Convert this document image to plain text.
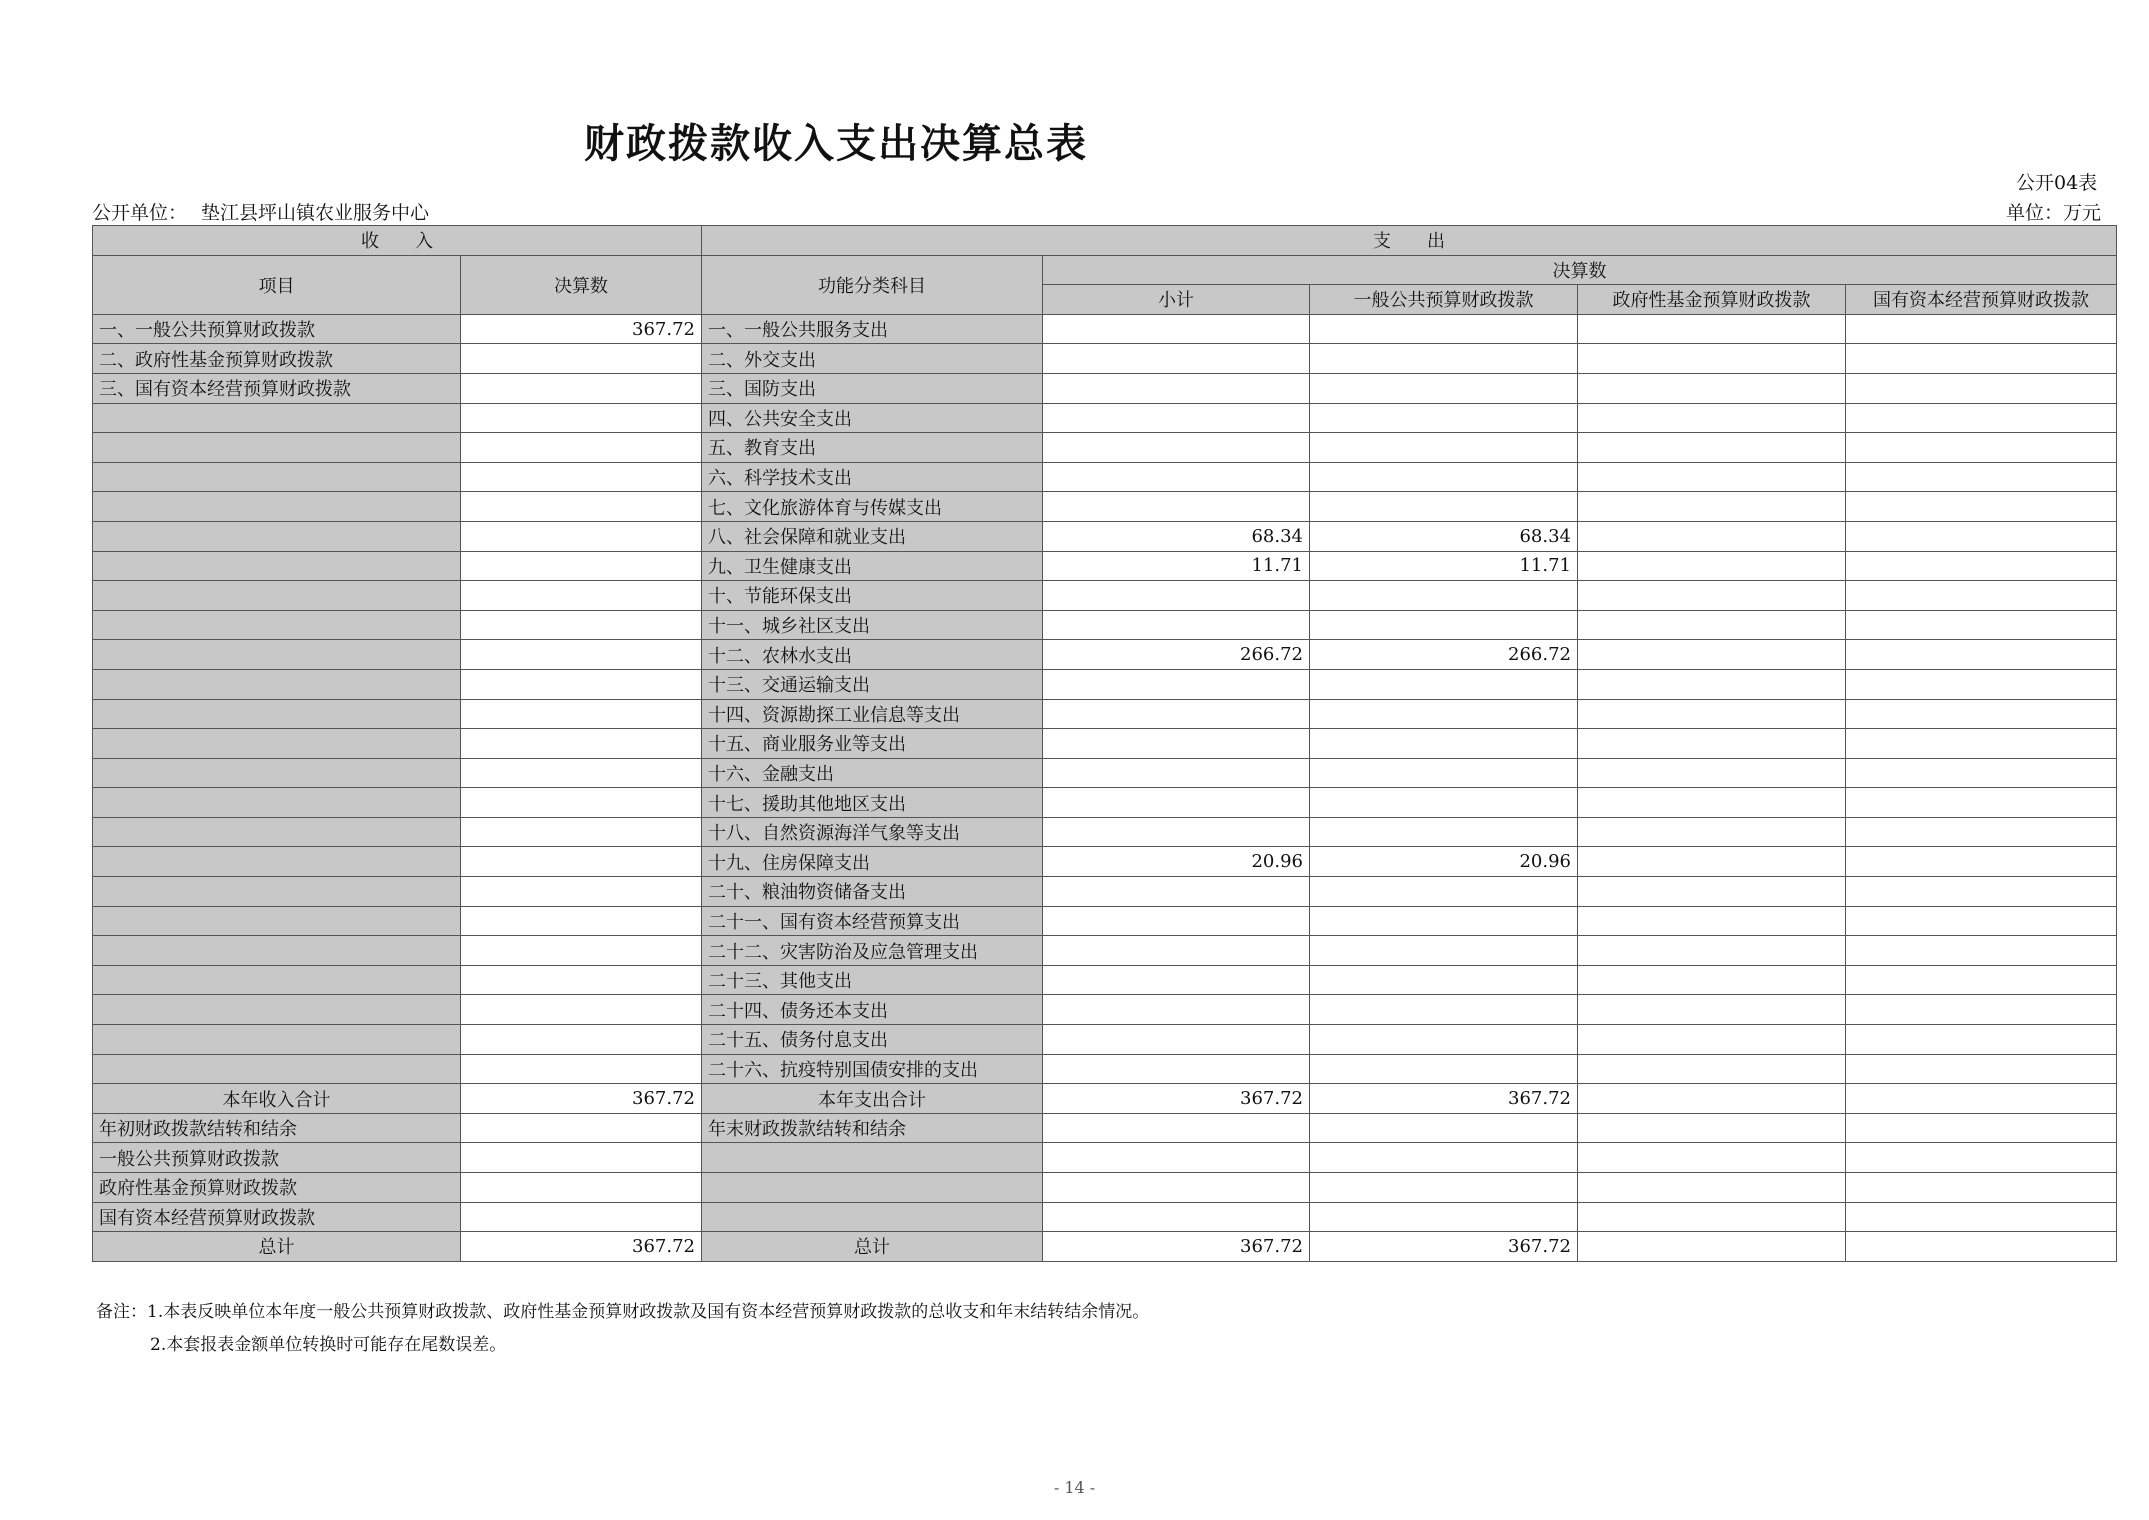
财政拨款收入支出决算总表
公开04表
公开单位： 垫江县坪山镇农业服务中心	单位：万元
收　　入		支　　出				
项目	决算数	功能分类科目	决算数			
			小计	一般公共预算财政拨款	政府性基金预算财政拨款	国有资本经营预算财政拨款
一、一般公共预算财政拨款	367.72	一、一般公共服务支出				
二、政府性基金预算财政拨款		二、外交支出				
三、国有资本经营预算财政拨款		三、国防支出				
		四、公共安全支出				
		五、教育支出				
		六、科学技术支出				
		七、文化旅游体育与传媒支出				
		八、社会保障和就业支出	68.34	68.34		
		九、卫生健康支出	11.71	11.71		
		十、节能环保支出				
		十一、城乡社区支出				
		十二、农林水支出	266.72	266.72		
		十三、交通运输支出				
		十四、资源勘探工业信息等支出				
		十五、商业服务业等支出				
		十六、金融支出				
		十七、援助其他地区支出				
		十八、自然资源海洋气象等支出				
		十九、住房保障支出	20.96	20.96		
		二十、粮油物资储备支出				
		二十一、国有资本经营预算支出				
		二十二、灾害防治及应急管理支出				
		二十三、其他支出				
		二十四、债务还本支出				
		二十五、债务付息支出				
		二十六、抗疫特别国债安排的支出				
本年收入合计	367.72	本年支出合计	367.72	367.72		
年初财政拨款结转和结余		年末财政拨款结转和结余				
一般公共预算财政拨款						
政府性基金预算财政拨款						
国有资本经营预算财政拨款						
总计	367.72	总计	367.72	367.72		
备注：1.本表反映单位本年度一般公共预算财政拨款、政府性基金预算财政拨款及国有资本经营预算财政拨款的总收支和年末结转结余情况。
2.本套报表金额单位转换时可能存在尾数误差。
- 14 -
